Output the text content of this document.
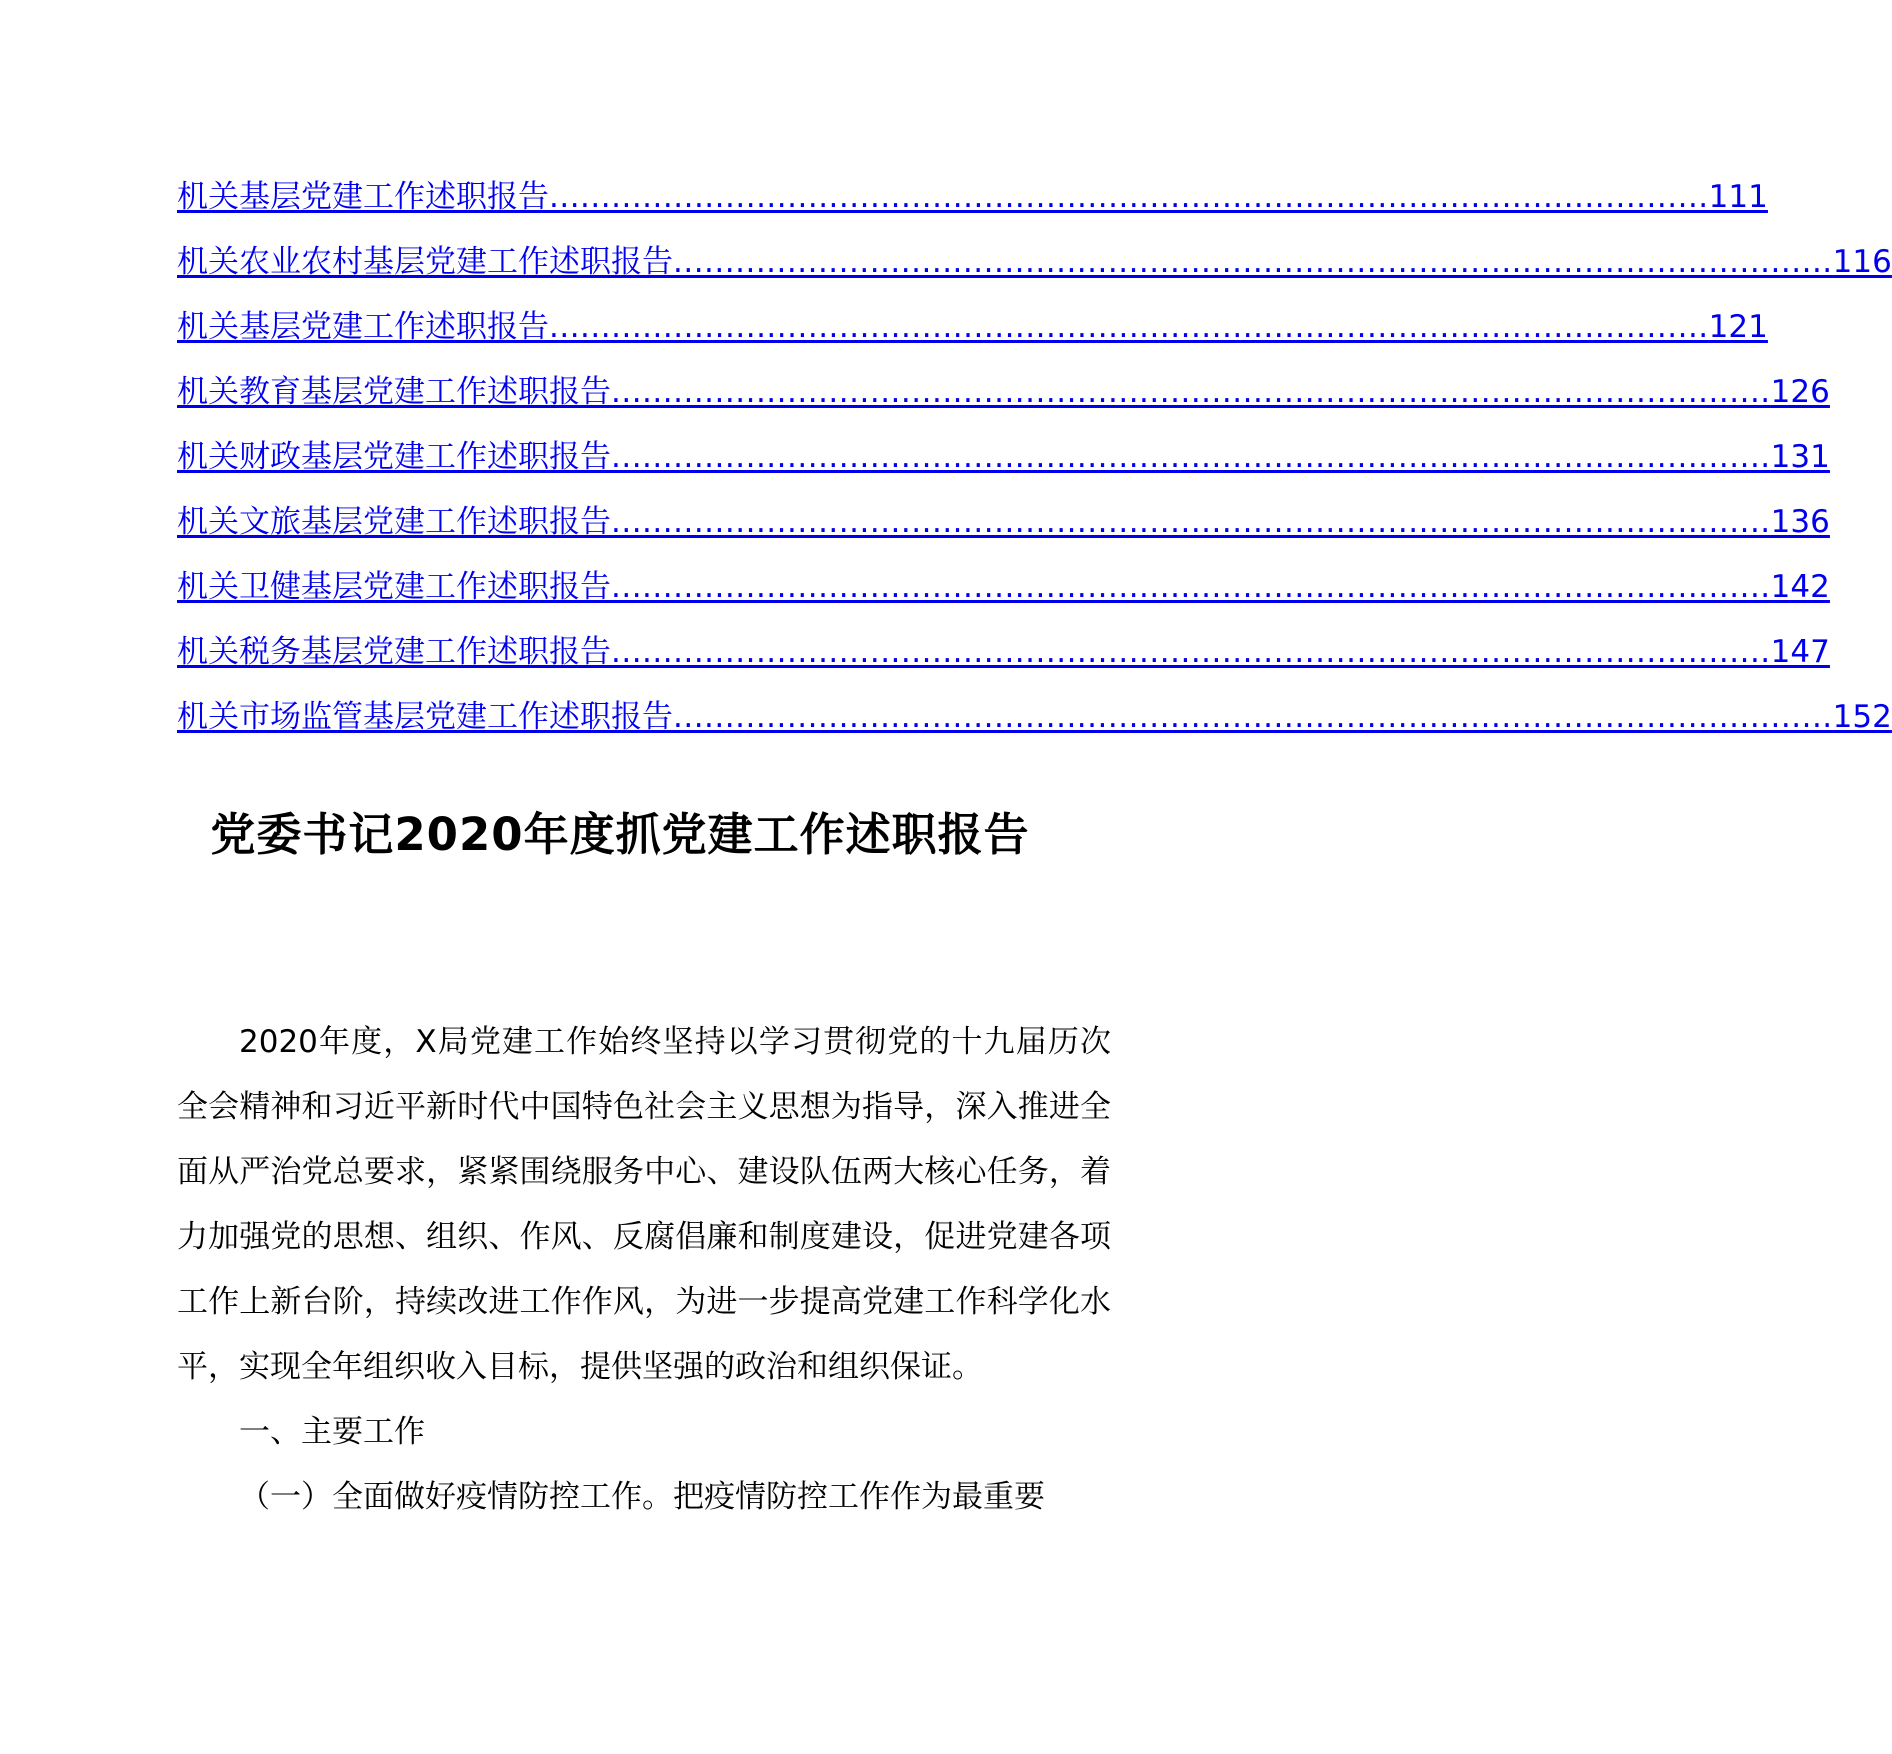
机关基层党建工作述职报告 ................................................................................................................ 111
机关农业农村基层党建工作述职报告 ................................................................................................................ 116
机关基层党建工作述职报告 ................................................................................................................ 121
机关教育基层党建工作述职报告 ................................................................................................................ 126
机关财政基层党建工作述职报告 ................................................................................................................ 131
机关文旅基层党建工作述职报告 ................................................................................................................ 136
机关卫健基层党建工作述职报告 ................................................................................................................ 142
机关税务基层党建工作述职报告 ................................................................................................................ 147
机关市场监管基层党建工作述职报告 ................................................................................................................ 152
党委书记2020年度抓党建工作述职报告

2020年度，X局党建工作始终坚持以学习贯彻党的十九届历次全会精神和习近平新时代中国特色社会主义思想为指导，深入推进全面从严治党总要求，紧紧围绕服务中心、建设队伍两大核心任务，着力加强党的思想、组织、作风、反腐倡廉和制度建设，促进党建各项工作上新台阶，持续改进工作作风，为进一步提高党建工作科学化水平，实现全年组织收入目标，提供坚强的政治和组织保证。

一、主要工作

（一）全面做好疫情防控工作。把疫情防控工作作为最重要
